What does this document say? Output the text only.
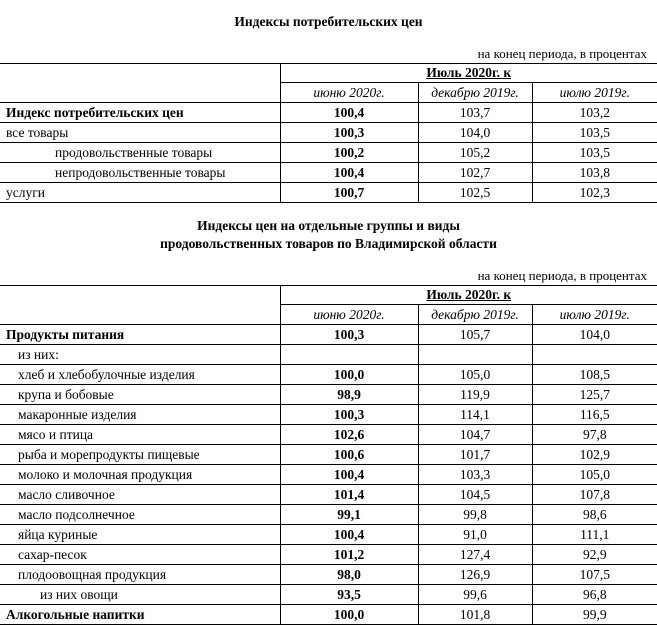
Индексы потребительских цен
на конец периода, в процентах
	Июль 2020г. к		
	июню 2020г.	декабрю 2019г.	июлю 2019г.
Индекс потребительских цен	100,4	103,7	103,2
все товары	100,3	104,0	103,5
продовольственные товары	100,2	105,2	103,5
непродовольственные товары	100,4	102,7	103,8
услуги	100,7	102,5	102,3
Индексы цен на отдельные группы и виды
продовольственных товаров по Владимирской области
на конец периода, в процентах
	Июль 2020г. к		
	июню 2020г.	декабрю 2019г.	июлю 2019г.
Продукты питания	100,3	105,7	104,0
из них:			
хлеб и хлебобулочные изделия	100,0	105,0	108,5
крупа и бобовые	98,9	119,9	125,7
макаронные изделия	100,3	114,1	116,5
мясо и птица	102,6	104,7	97,8
рыба и морепродукты пищевые	100,6	101,7	102,9
молоко и молочная продукция	100,4	103,3	105,0
масло сливочное	101,4	104,5	107,8
масло подсолнечное	99,1	99,8	98,6
яйца куриные	100,4	91,0	111,1
сахар-песок	101,2	127,4	92,9
плодоовощная продукция	98,0	126,9	107,5
из них овощи	93,5	99,6	96,8
Алкогольные напитки	100,0	101,8	99,9
